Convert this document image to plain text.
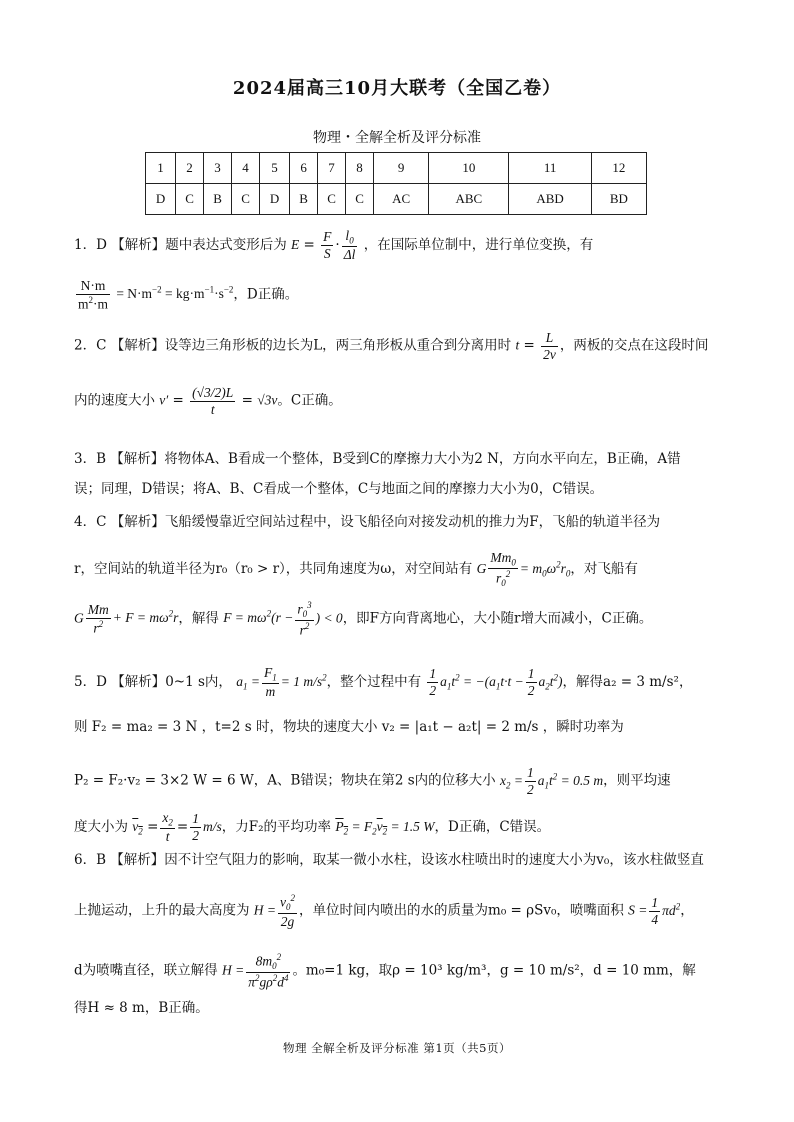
2024届高三10月大联考（全国乙卷）
物理・全解全析及评分标准
1	2	3	4	5	6	7	8	9	10	11	12
D	C	B	C	D	B	C	C	AC	ABC	ABD	BD
1．D 【解析】题中表达式变形后为 $E = \frac{F}{S} \cdot \frac{l_0}{\Delta l}$ ，在国际单位制中，进行单位变换，有
$\frac{N\cdot m}{m^2\cdot m} = N\cdot m^{-2} = kg\cdot m^{-1}\cdot s^{-2}$，D正确。
2．C 【解析】设等边三角形板的边长为L，两三角形板从重合到分离用时 $t = \frac{L}{2v}$ ，两板的交点在这段时间
内的速度大小 $v' = \frac{(√3/2)L}{t} = √3v$。C正确。
3．B 【解析】将物体A、B看成一个整体，B受到C的摩擦力大小为2 N，方向水平向左，B正确，A错
误；同理，D错误；将A、B、C看成一个整体，C与地面之间的摩擦力大小为0，C错误。
4．C 【解析】飞船缓慢靠近空间站过程中，设飞船径向对接发动机的推力为F，飞船的轨道半径为
r，空间站的轨道半径为r₀（r₀ > r），共同角速度为ω，对空间站有 G $\frac{Mm_0}{r_0^2} = m_0\omega^2r_0$，对飞船有
G $\frac{Mm}{r^2} + F = m\omega^2r$，解得 $F = m\omega^2(r - \frac{r_0^3}{r^2}$ ) < 0，即F方向背离地心，大小随r增大而减小，C正确。
5．D 【解析】0~1 s内， $a_1 = \frac{F_1}{m} = 1$ $m/s^2$，整个过程中有 $\frac{1}{2} a_1t^2 = -(a_1t\cdot t - \frac{1}{2} a_2t^2)$，解得a₂ = 3 m/s²，
则 F₂ = ma₂ = 3 N ，t=2 s 时，物块的速度大小 v₂ = |a₁t − a₂t| = 2 m/s ，瞬时功率为
P₂ = F₂·v₂ = 3×2 W = 6 W，A、B错误；物块在第2 s内的位移大小 $x_2 = \frac{1}{2} a_1t^2 = 0.5$ m，则平均速
度大小为 $v_2 = \frac{x_2}{t} = \frac{1}{2} m/s$，力F₂的平均功率 $P_2 = F_2v_2 = 1.5$ W，D正确，C错误。
6．B 【解析】因不计空气阻力的影响，取某一微小水柱，设该水柱喷出时的速度大小为v₀，该水柱做竖直
上抛运动，上升的最大高度为 $H = \frac{v_0^2}{2g}$ ，单位时间内喷出的水的质量为m₀ = ρSv₀，喷嘴面积 $S = \frac{1}{4} \pi d^2$，
d为喷嘴直径，联立解得 $H = \frac{8m_0^2}{\pi^2g\rho^2d^4}$ 。m₀=1 kg，取ρ = 10³ kg/m³，g = 10 m/s²，d = 10 mm，解
得H ≈ 8 m，B正确。
物理 全解全析及评分标准 第1页（共5页）
